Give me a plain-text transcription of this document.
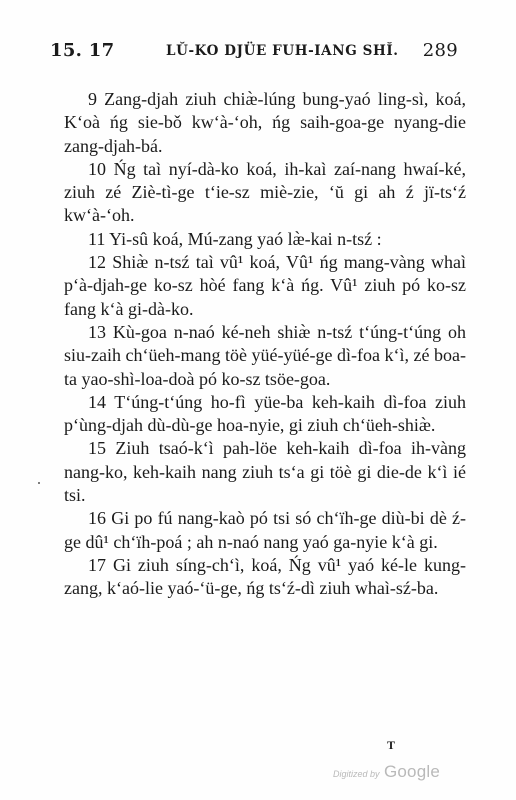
15. 17	LŬ-KO DJÜE FUH-IANG SHĬ. 289

9 Zang-djah ziuh chiæ̀-lúng bung-yaó ling-sì, koá, K‘oà ńg sie-bǒ kw‘à-‘oh, ńg saih-goa-ge nyang-die zang-djah-bá.

10 Ńg taì nyí-dà-ko koá, ih-kaì zaí-nang hwaí-ké, ziuh zé Ziè-tì-ge t‘ie-sz miè-zie, ‘ŭ gi ah ź jï-ts‘ź kw‘à-‘oh.

11 Yi-sû koá, Mú-zang yaó læ̀-kai n-tsź :

12 Shiæ̀ n-tsź taì vû¹ koá, Vû¹ ńg mang-vàng whaì p‘à-djah-ge ko-sz hòé fang k‘à ńg. Vû¹ ziuh pó ko-sz fang k‘à gi-dà-ko.

13 Kù-goa n-naó ké-neh shiæ̀ n-tsź t‘úng-t‘úng oh siu-zaih ch‘üeh-mang töè yüé-yüé-ge dì-foa k‘ì, zé boa-ta yao-shì-loa-doà pó ko-sz tsöe-goa.

14 T‘úng-t‘úng ho-fì yüe-ba keh-kaih dì-foa ziuh p‘ùng-djah dù-dù-ge hoa-nyie, gi ziuh ch‘üeh-shiæ̀.

15 Ziuh tsaó-k‘ì pah-löe keh-kaih dì-foa ih-vàng nang-ko, keh-kaih nang ziuh ts‘a gi töè gi die-de k‘ì ié tsi.

16 Gi po fú nang-kaò pó tsi só ch‘ïh-ge diù-bi dè ź-ge dû¹ ch‘ïh-poá ; ah n-naó nang yaó ga-nyie k‘à gi.

17 Gi ziuh síng-ch‘ì, koá, Ńg vû¹ yaó ké-le kung-zang, k‘aó-lie yaó-‘ü-ge, ńg ts‘ź-dì ziuh whaì-sź-ba.

T
Digitized by Google
